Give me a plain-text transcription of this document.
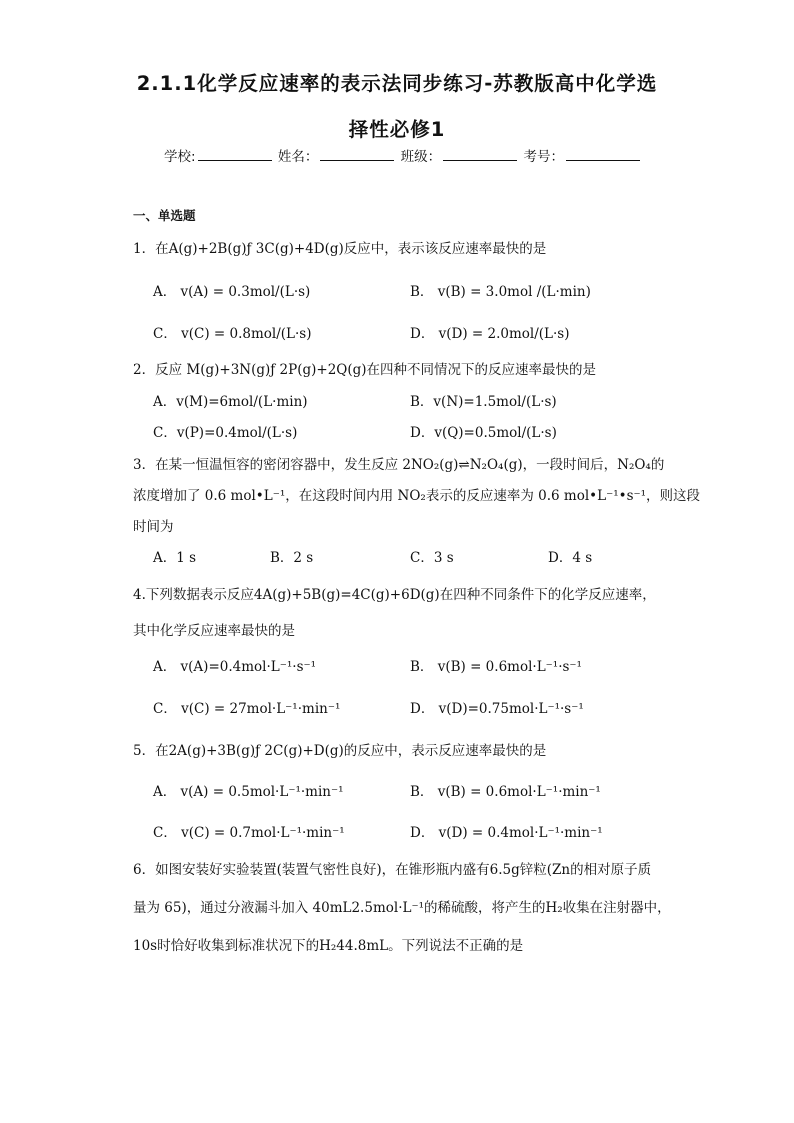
2.1.1化学反应速率的表示法同步练习-苏教版高中化学选
择性必修1
学校:	姓名：	班级：	考号：
一、单选题
1．在A(g)+2B(g)ƒ 3C(g)+4D(g)反应中，表示该反应速率最快的是
A． v(A) = 0.3mol/(L·s)	B． v(B) = 3.0mol /(L·min)
C． v(C) = 0.8mol/(L·s)	D． v(D) = 2.0mol/(L·s)
2．反应 M(g)+3N(g)ƒ 2P(g)+2Q(g)在四种不同情况下的反应速率最快的是
A．v(M)=6mol/(L·min)	B．v(N)=1.5mol/(L·s)
C．v(P)=0.4mol/(L·s)	D．v(Q)=0.5mol/(L·s)
3．在某一恒温恒容的密闭容器中，发生反应 2NO₂(g)⇌N₂O₄(g)，一段时间后，N₂O₄的
浓度增加了 0.6 mol•L⁻¹，在这段时间内用 NO₂表示的反应速率为 0.6 mol•L⁻¹•s⁻¹，则这段
时间为
A．1 s	B．2 s	C．3 s	D．4 s
4.下列数据表示反应4A(g)+5B(g)=4C(g)+6D(g)在四种不同条件下的化学反应速率，
其中化学反应速率最快的是
A． v(A)=0.4mol·L⁻¹·s⁻¹	B． v(B) = 0.6mol·L⁻¹·s⁻¹
C． v(C) = 27mol·L⁻¹·min⁻¹	D． v(D)=0.75mol·L⁻¹·s⁻¹
5．在2A(g)+3B(g)ƒ 2C(g)+D(g)的反应中，表示反应速率最快的是
A． v(A) = 0.5mol·L⁻¹·min⁻¹	B． v(B) = 0.6mol·L⁻¹·min⁻¹
C． v(C) = 0.7mol·L⁻¹·min⁻¹	D． v(D) = 0.4mol·L⁻¹·min⁻¹
6．如图安装好实验装置(装置气密性良好)，在锥形瓶内盛有6.5g锌粒(Zn的相对原子质
量为 65)，通过分液漏斗加入 40mL2.5mol·L⁻¹的稀硫酸，将产生的H₂收集在注射器中，
10s时恰好收集到标准状况下的H₂44.8mL。下列说法不正确的是
